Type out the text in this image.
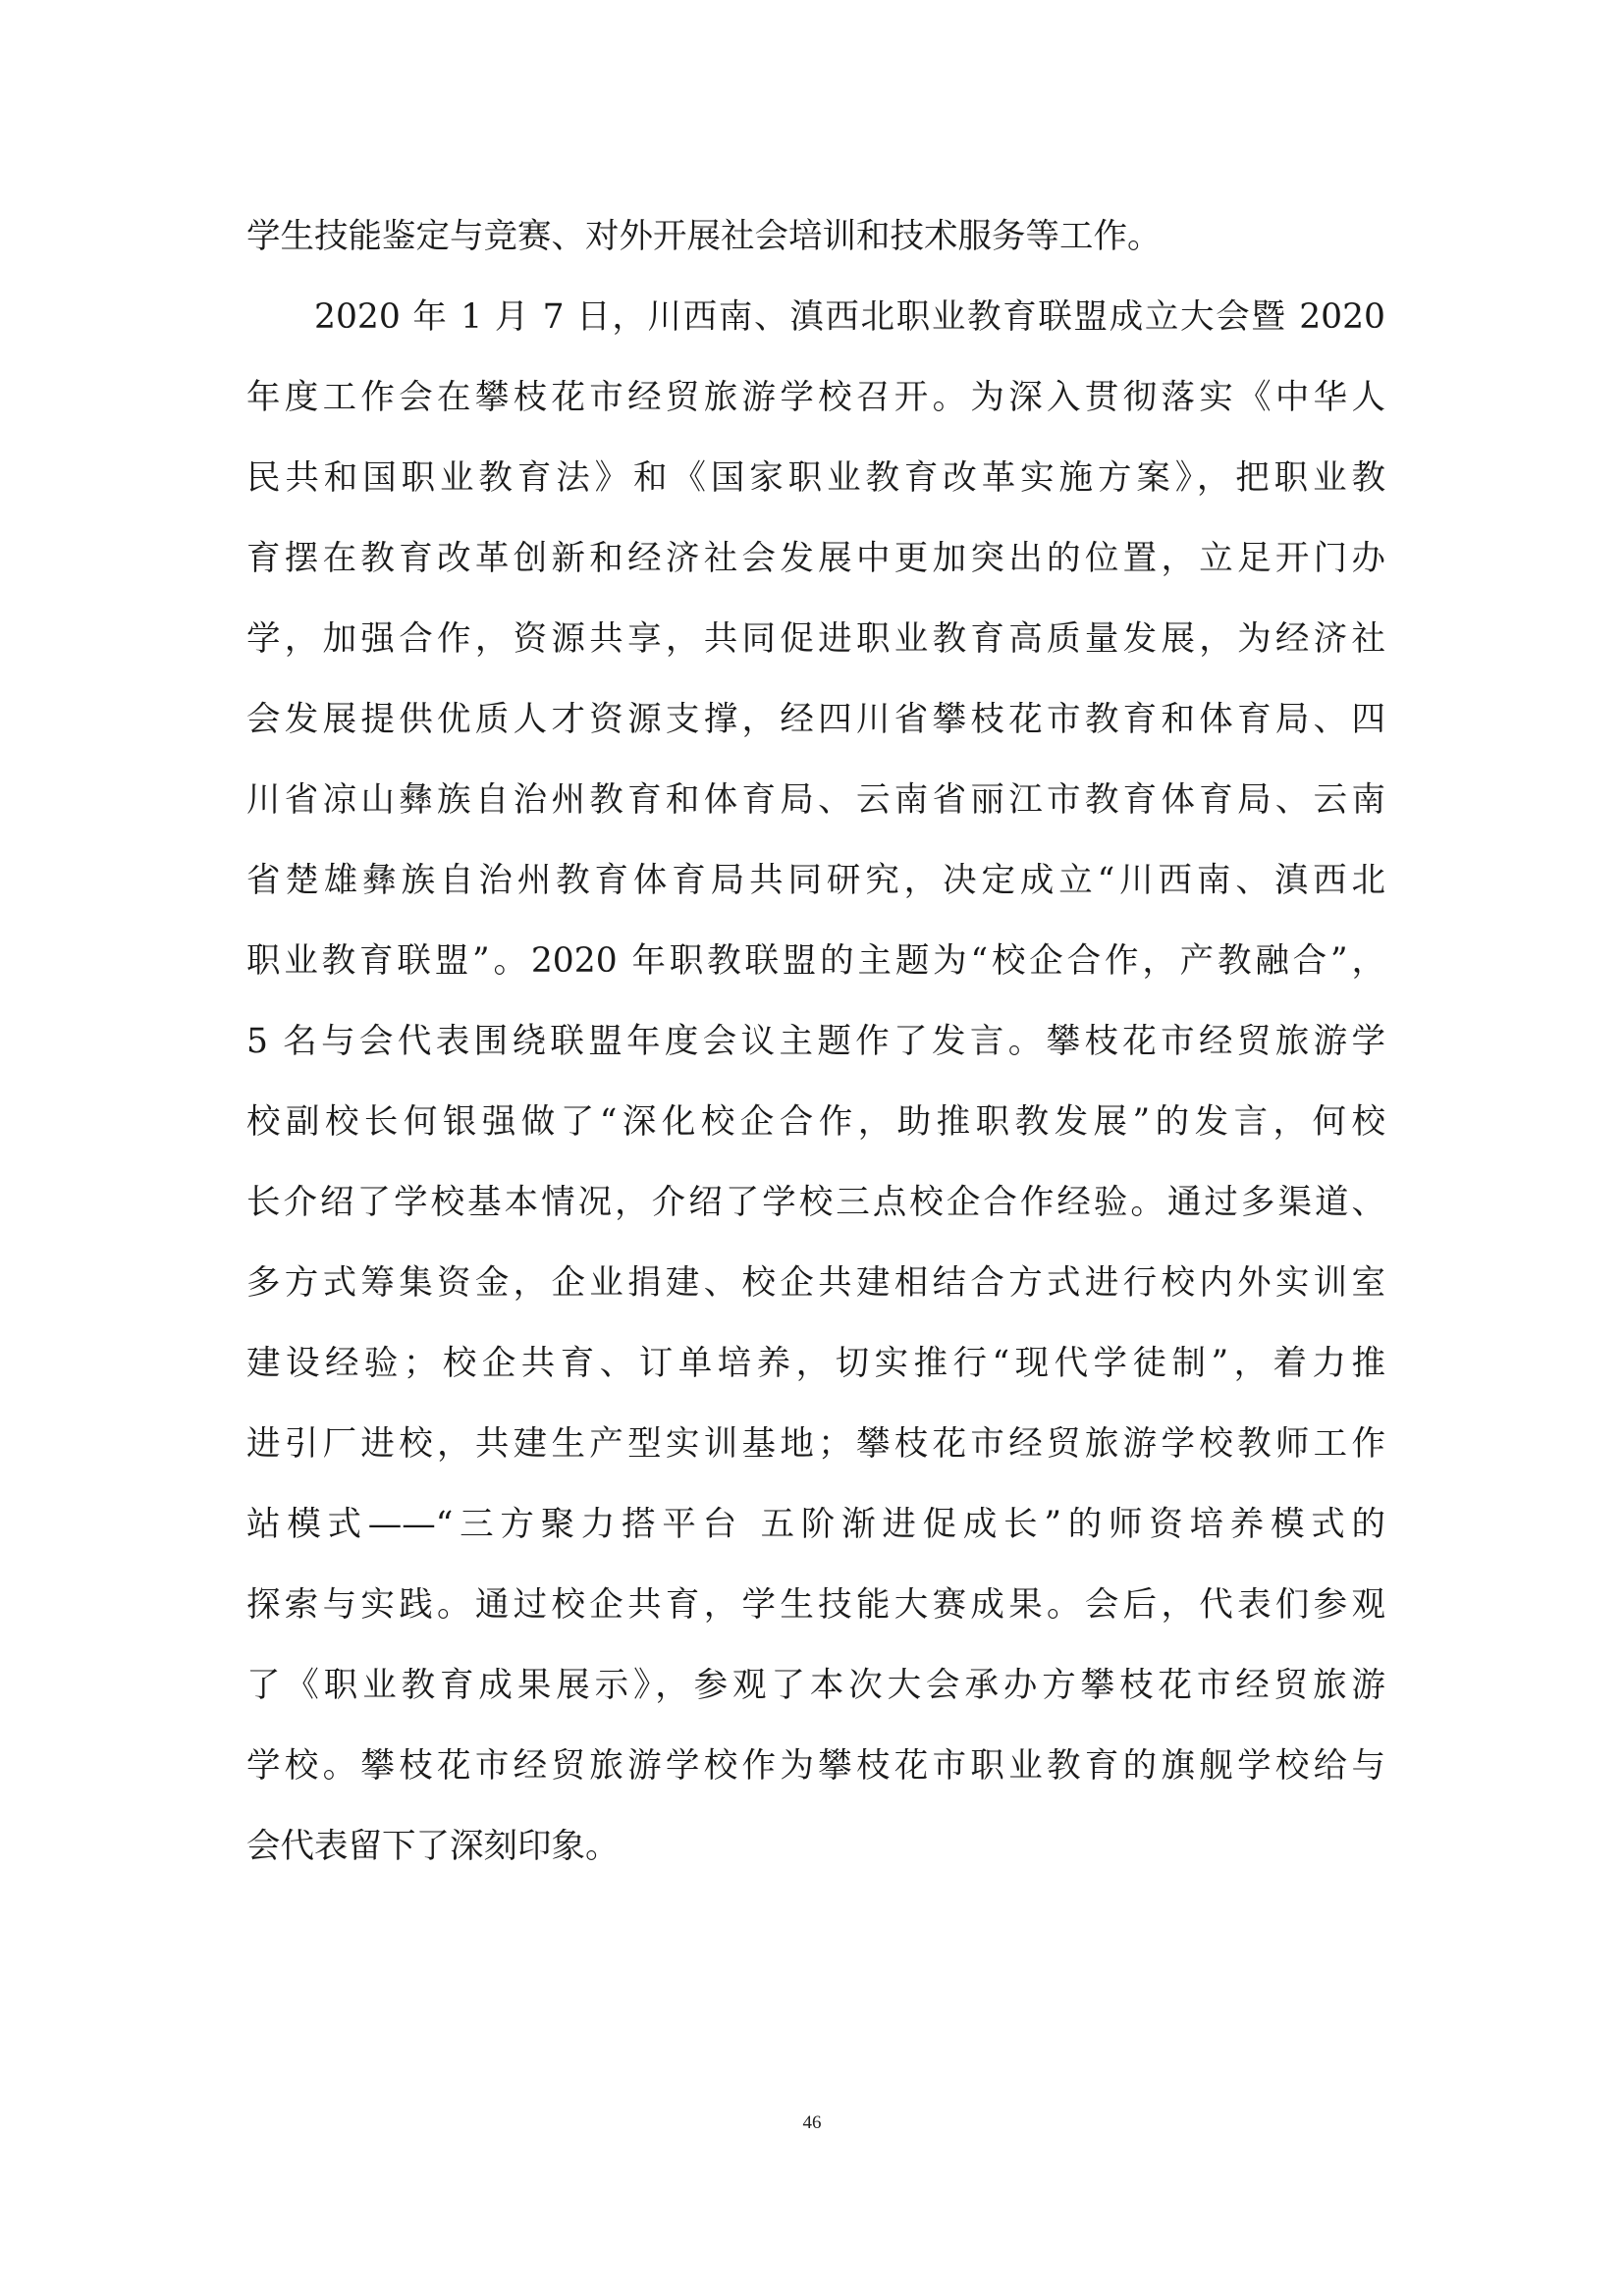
学生技能鉴定与竞赛、对外开展社会培训和技术服务等工作。
2020 年 1 月 7 日，川西南、滇西北职业教育联盟成立大会暨 2020
年度工作会在攀枝花市经贸旅游学校召开。为深入贯彻落实《中华人
民共和国职业教育法》和《国家职业教育改革实施方案》，把职业教
育摆在教育改革创新和经济社会发展中更加突出的位置，立足开门办
学，加强合作，资源共享，共同促进职业教育高质量发展，为经济社
会发展提供优质人才资源支撑，经四川省攀枝花市教育和体育局、四
川省凉山彝族自治州教育和体育局、云南省丽江市教育体育局、云南
省楚雄彝族自治州教育体育局共同研究，决定成立“川西南、滇西北
职业教育联盟”。2020 年职教联盟的主题为“校企合作，产教融合”，
5 名与会代表围绕联盟年度会议主题作了发言。攀枝花市经贸旅游学
校副校长何银强做了“深化校企合作，助推职教发展”的发言，何校
长介绍了学校基本情况，介绍了学校三点校企合作经验。通过多渠道、
多方式筹集资金，企业捐建、校企共建相结合方式进行校内外实训室
建设经验；校企共育、订单培养，切实推行“现代学徒制”，着力推
进引厂进校，共建生产型实训基地；攀枝花市经贸旅游学校教师工作
站模式——“三方聚力搭平台 五阶渐进促成长”的师资培养模式的
探索与实践。通过校企共育，学生技能大赛成果。会后，代表们参观
了《职业教育成果展示》，参观了本次大会承办方攀枝花市经贸旅游
学校。攀枝花市经贸旅游学校作为攀枝花市职业教育的旗舰学校给与
会代表留下了深刻印象。
46
